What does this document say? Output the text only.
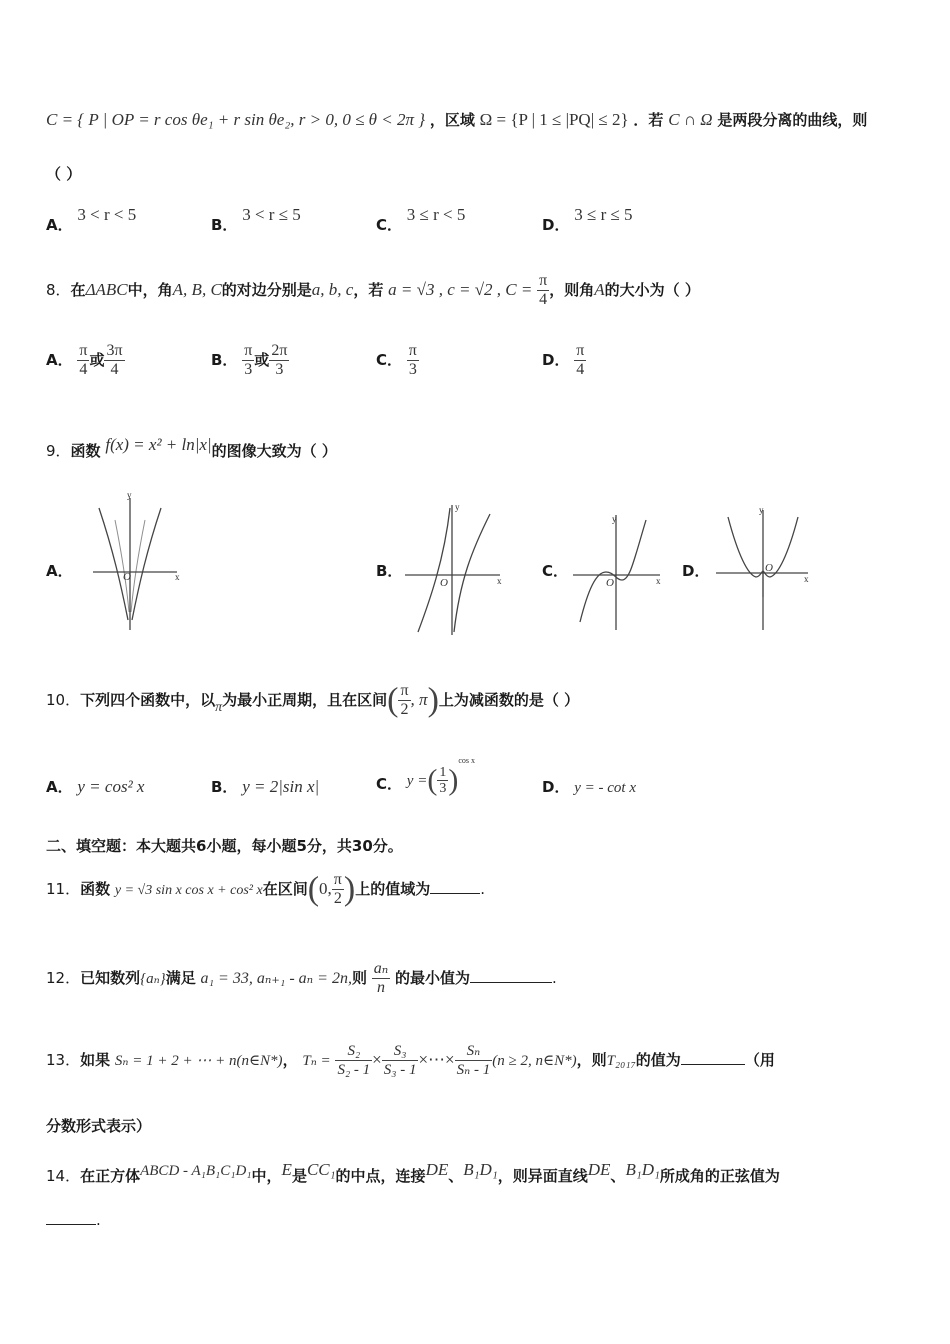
C = { P | OP = r cos θe₁ + r sin θe₂, r > 0, 0 ≤ θ < 2π } ，区域 Ω = {P | 1 ≤ |PQ| ≤ 2} ．若 C ∩ Ω 是两段分离的曲线，则
（ ）
A． 3 < r < 5
B． 3 < r ≤ 5
C． 3 ≤ r < 5
D． 3 ≤ r ≤ 5
8．在ΔABC中，角A, B, C的对边分别是a, b, c，若 a = √3 , c = √2 , $C = \frac{\pi}{4}$ ，则角A的大小为（ ）
A． $\frac{\pi}{4}$ 或 $\frac{3\pi}{4}$	B． $\frac{\pi}{3}$ 或 $\frac{2\pi}{3}$	C． $\frac{\pi}{3}$	D． $\frac{\pi}{4}$
9．函数 f(x) = x² + ln|x|的图像大致为（ ）
A．	B．	C．	D．
y
x
O
y
x
O
y
x
O
y
x
O
10．下列四个函数中，以π为最小正周期，且在区间( $\frac{\pi}{2}$ , π)上为减函数的是（ ）
A． y = cos² x	B． y = 2|sin x|	C． y =( $\frac{1}{3} )^{cos x}$
D． y = - cot x
二、填空题：本大题共6小题，每小题5分，共30分。
11．函数 y = √3 sin x cos x + cos² x在区间(0, $\frac{\pi}{2}$ )上的值域为	.
12．已知数列{aₙ}满足 a₁ = 33, aₙ₊₁ - aₙ = 2n,则 $\frac{\text{aₙ}}{n}$ 的最小值为	.
13．如果 Sₙ = 1 + 2 + ⋯ + n(n∈N*)， $T_n = \frac{\text{S₂}}{\text{S₂ - 1}} \times \frac{\text{S₃}}{\text{S₃ - 1}}$ ×⋯× $\frac{\text{Sₙ}}{\text{Sₙ - 1}} (n \ge 2$, n∈N*)，则T₂₀₁₇的值为	（用
分数形式表示）
14．在正方体ABCD - A₁B₁C₁D₁中，E是CC₁的中点，连接DE、B₁D₁，则异面直线DE、B₁D₁所成角的正弦值为
.
